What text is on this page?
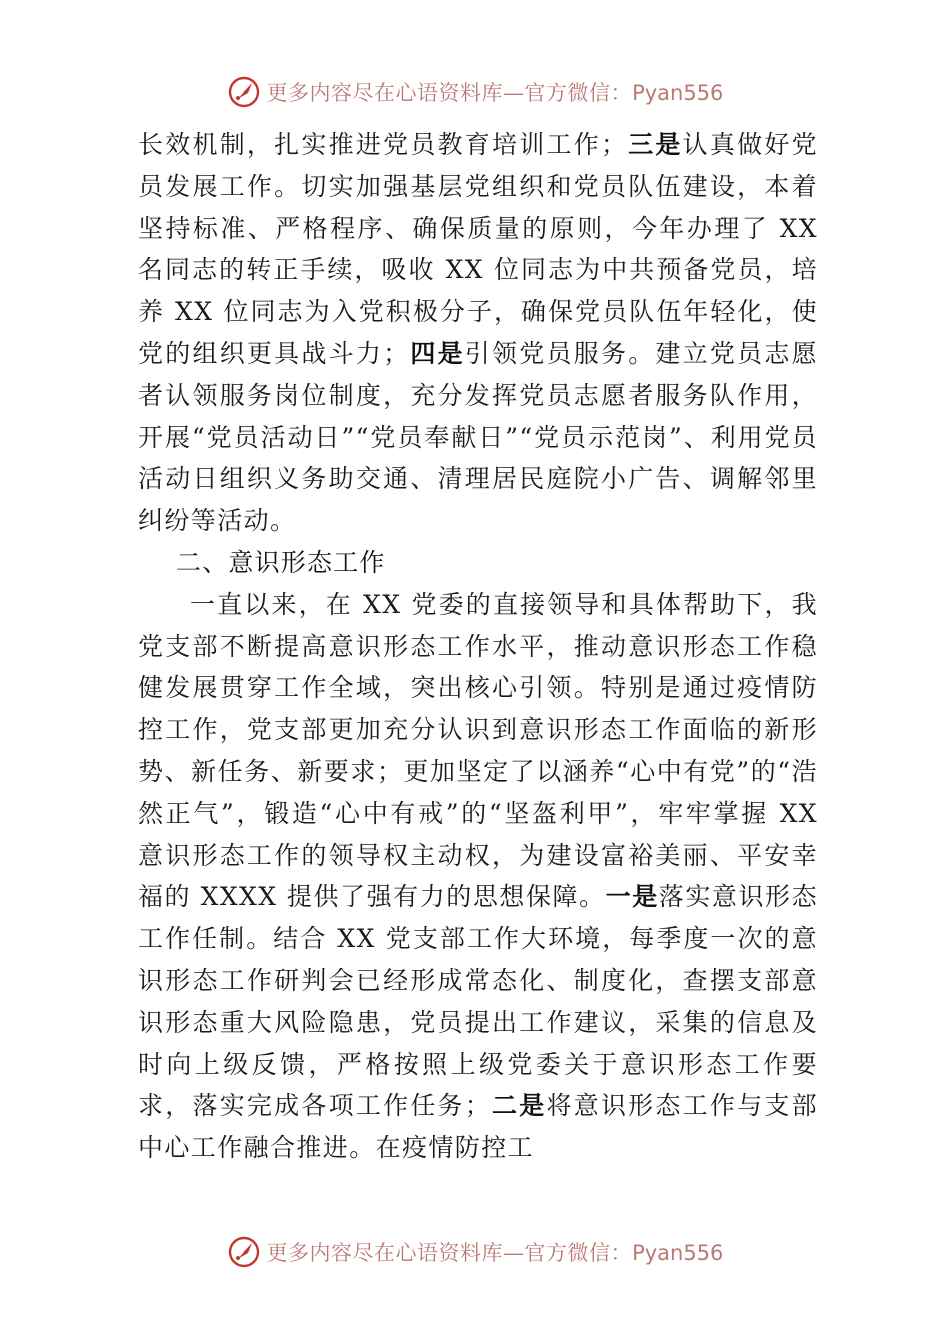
更多内容尽在心语资料库—官方微信：Pyan556

长效机制，扎实推进党员教育培训工作；三是认真做好党员发展工作。切实加强基层党组织和党员队伍建设，本着坚持标准、严格程序、确保质量的原则，今年办理了 XX 名同志的转正手续，吸收 XX 位同志为中共预备党员，培养 XX 位同志为入党积极分子，确保党员队伍年轻化，使党的组织更具战斗力；四是引领党员服务。建立党员志愿者认领服务岗位制度，充分发挥党员志愿者服务队作用，开展“党员活动日”“党员奉献日”“党员示范岗”、利用党员活动日组织义务助交通、清理居民庭院小广告、调解邻里纠纷等活动。

二、意识形态工作

一直以来，在 XX 党委的直接领导和具体帮助下，我党支部不断提高意识形态工作水平，推动意识形态工作稳健发展贯穿工作全域，突出核心引领。特别是通过疫情防控工作，党支部更加充分认识到意识形态工作面临的新形势、新任务、新要求；更加坚定了以涵养“心中有党”的“浩然正气”，锻造“心中有戒”的“坚盔利甲”，牢牢掌握 XX 意识形态工作的领导权主动权，为建设富裕美丽、平安幸福的 XXXX 提供了强有力的思想保障。一是落实意识形态工作任制。结合 XX 党支部工作大环境，每季度一次的意识形态工作研判会已经形成常态化、制度化，查摆支部意识形态重大风险隐患，党员提出工作建议，采集的信息及时向上级反馈，严格按照上级党委关于意识形态工作要求，落实完成各项工作任务；二是将意识形态工作与支部中心工作融合推进。在疫情防控工

更多内容尽在心语资料库—官方微信：Pyan556
